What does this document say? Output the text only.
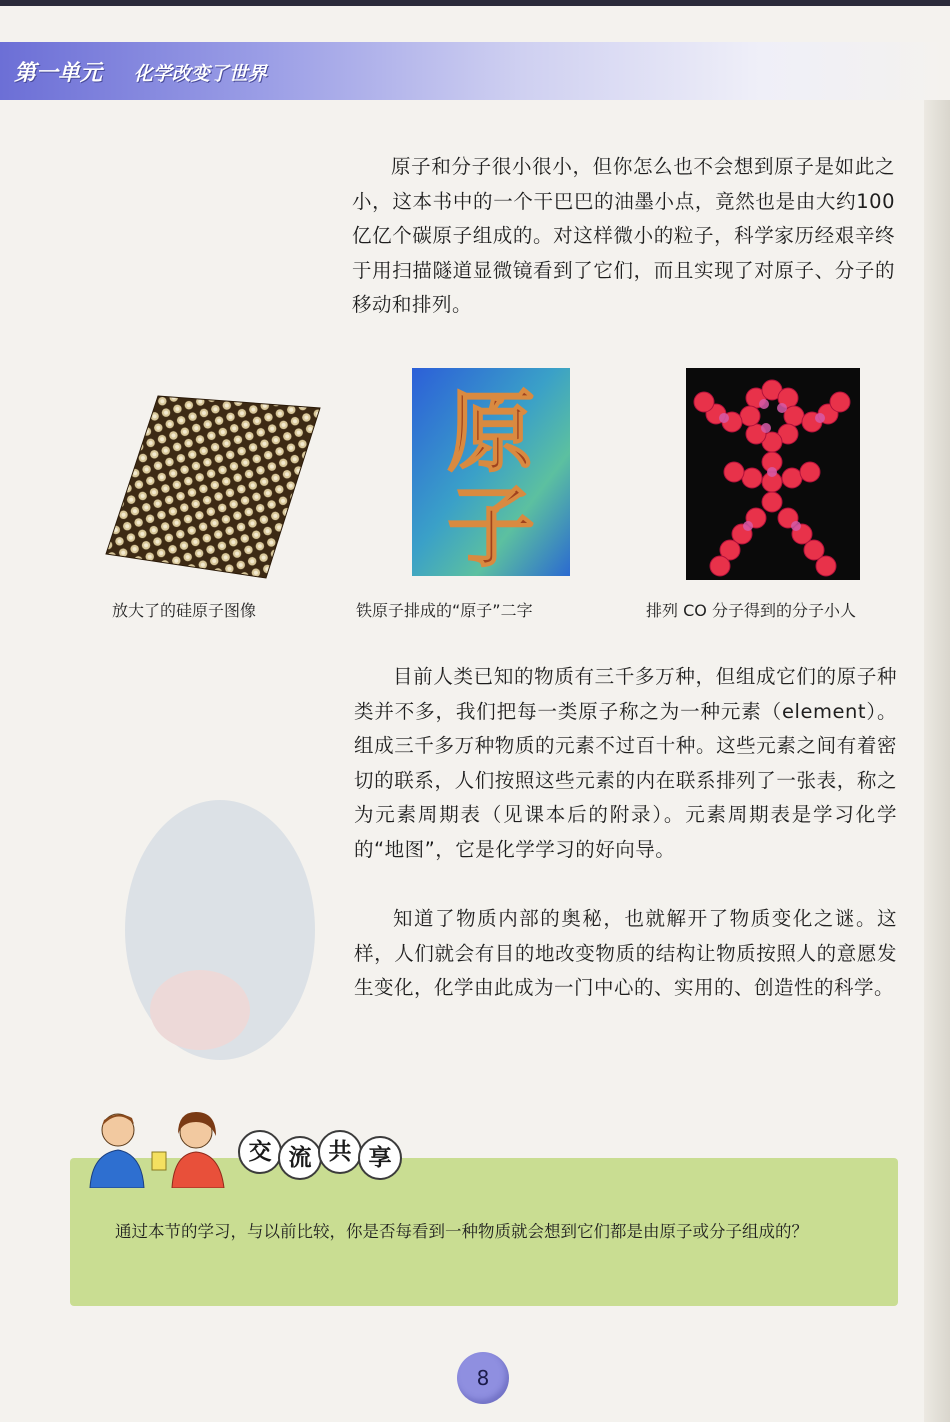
第一单元 化学改变了世界

原子和分子很小很小，但你怎么也不会想到原子是如此之小，这本书中的一个干巴巴的油墨小点，竟然也是由大约100亿亿个碳原子组成的。对这样微小的粒子，科学家历经艰辛终于用扫描隧道显微镜看到了它们，而且实现了对原子、分子的移动和排列。

原
子
放大了的硅原子图像	铁原子排成的“原子”二字	排列 CO 分子得到的分子小人

目前人类已知的物质有三千多万种，但组成它们的原子种类并不多，我们把每一类原子称之为一种元素（element）。组成三千多万种物质的元素不过百十种。这些元素之间有着密切的联系，人们按照这些元素的内在联系排列了一张表，称之为元素周期表（见课本后的附录）。元素周期表是学习化学的“地图”，它是化学学习的好向导。

知道了物质内部的奥秘，也就解开了物质变化之谜。这样，人们就会有目的地改变物质的结构让物质按照人的意愿发生变化，化学由此成为一门中心的、实用的、创造性的科学。

交 流 共 享

通过本节的学习，与以前比较，你是否每看到一种物质就会想到它们都是由原子或分子组成的？

8
